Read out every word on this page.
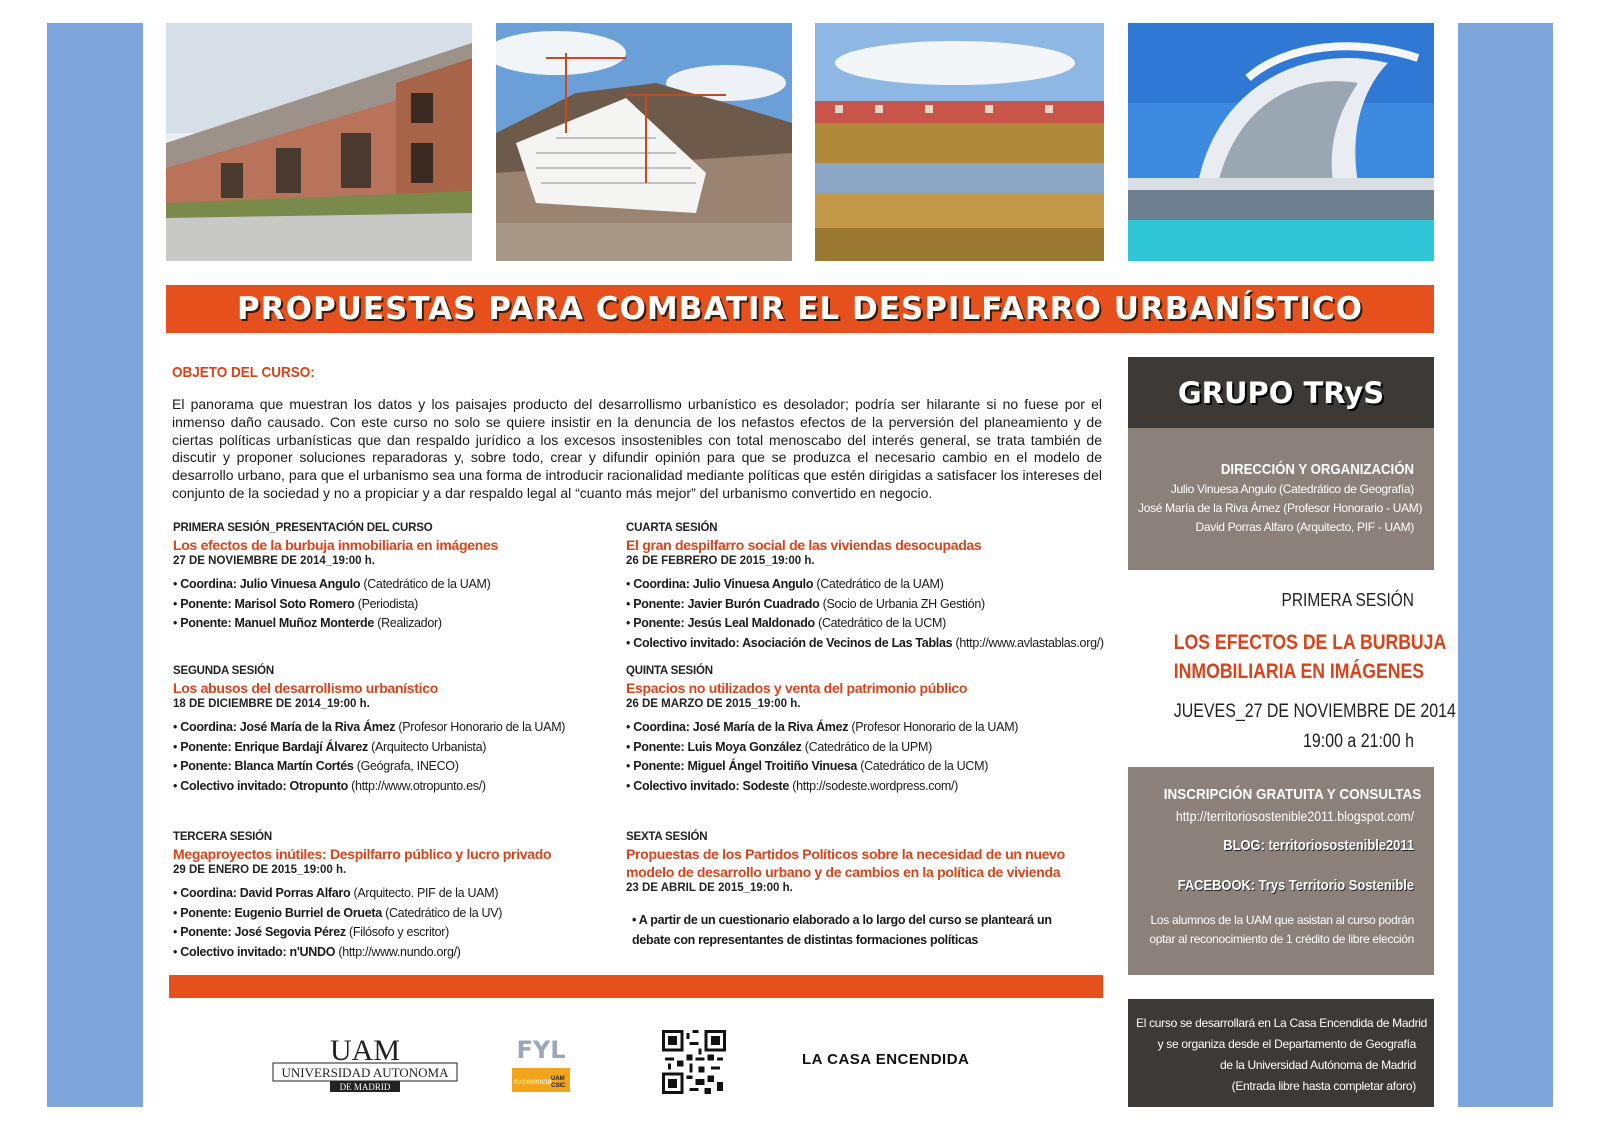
PROPUESTAS PARA COMBATIR EL DESPILFARRO URBANÍSTICO
OBJETO DEL CURSO:
El panorama que muestran los datos y los paisajes producto del desarrollismo urbanístico es desolador; podría ser hilarante si no fuese por el inmenso daño causado. Con este curso no solo se quiere insistir en la denuncia de los nefastos efectos de la perversión del planeamiento y de ciertas políticas urbanísticas que dan respaldo jurídico a los excesos insostenibles con total menoscabo del interés general, se trata también de discutir y proponer soluciones reparadoras y, sobre todo, crear y difundir opinión para que se produzca el necesario cambio en el modelo de desarrollo urbano, para que el urbanismo sea una forma de introducir racionalidad mediante políticas que estén dirigidas a satisfacer los intereses del conjunto de la sociedad y no a propiciar y a dar respaldo legal al “cuanto más mejor” del urbanismo convertido en negocio.
PRIMERA SESIÓN_PRESENTACIÓN DEL CURSO
Los efectos de la burbuja inmobiliaria en imágenes
27 DE NOVIEMBRE DE 2014_19:00 h.
• Coordina: Julio Vinuesa Angulo (Catedrático de la UAM)
• Ponente: Marisol Soto Romero (Periodista)
• Ponente: Manuel Muñoz Monterde (Realizador)
SEGUNDA SESIÓN
Los abusos del desarrollismo urbanístico
18 DE DICIEMBRE DE 2014_19:00 h.
• Coordina: José María de la Riva Ámez (Profesor Honorario de la UAM)
• Ponente: Enrique Bardají Álvarez (Arquitecto Urbanista)
• Ponente: Blanca Martín Cortés (Geógrafa, INECO)
• Colectivo invitado: Otropunto (http://www.otropunto.es/)
TERCERA SESIÓN
Megaproyectos inútiles: Despilfarro público y lucro privado
29 DE ENERO DE 2015_19:00 h.
• Coordina: David Porras Alfaro (Arquitecto. PIF de la UAM)
• Ponente: Eugenio Burriel de Orueta (Catedrático de la UV)
• Ponente: José Segovia Pérez (Filósofo y escritor)
• Colectivo invitado: n'UNDO (http://www.nundo.org/)
CUARTA SESIÓN
El gran despilfarro social de las viviendas desocupadas
26 DE FEBRERO DE 2015_19:00 h.
• Coordina: Julio Vinuesa Angulo (Catedrático de la UAM)
• Ponente: Javier Burón Cuadrado (Socio de Urbania ZH Gestión)
• Ponente: Jesús Leal Maldonado (Catedrático de la UCM)
• Colectivo invitado: Asociación de Vecinos de Las Tablas (http://www.avlastablas.org/)
QUINTA SESIÓN
Espacios no utilizados y venta del patrimonio público
26 DE MARZO DE 2015_19:00 h.
• Coordina: José María de la Riva Ámez (Profesor Honorario de la UAM)
• Ponente: Luis Moya González (Catedrático de la UPM)
• Ponente: Miguel Ángel Troitiño Vinuesa (Catedrático de la UCM)
• Colectivo invitado: Sodeste (http://sodeste.wordpress.com/)
SEXTA SESIÓN
Propuestas de los Partidos Políticos sobre la necesidad de un nuevo modelo de desarrollo urbano y de cambios en la política de vivienda
23 DE ABRIL DE 2015_19:00 h.
• A partir de un cuestionario elaborado a lo largo del curso se planteará un debate con representantes de distintas formaciones políticas
UAM
UNIVERSIDAD AUTONOMA
DE MADRID
FYL
excelencia UAM
CSIC
LA CASA ENCENDIDA
GRUPO TRyS
DIRECCIÓN Y ORGANIZACIÓN
Julio Vinuesa Angulo (Catedrático de Geografía)
José María de la Riva Ámez (Profesor Honorario - UAM)
David Porras Alfaro (Arquitecto, PIF - UAM)
PRIMERA SESIÓN
LOS EFECTOS DE LA BURBUJA
INMOBILIARIA EN IMÁGENES
JUEVES_27 DE NOVIEMBRE DE 2014
19:00 a 21:00 h
INSCRIPCIÓN GRATUITA Y CONSULTAS
http://territoriosostenible2011.blogspot.com/
BLOG: territoriosostenible2011
FACEBOOK: Trys Territorio Sostenible
Los alumnos de la UAM que asistan al curso podrán
optar al reconocimiento de 1 crédito de libre elección
El curso se desarrollará en La Casa Encendida de Madrid
y se organiza desde el Departamento de Geografía
de la Universidad Autónoma de Madrid
(Entrada libre hasta completar aforo)
